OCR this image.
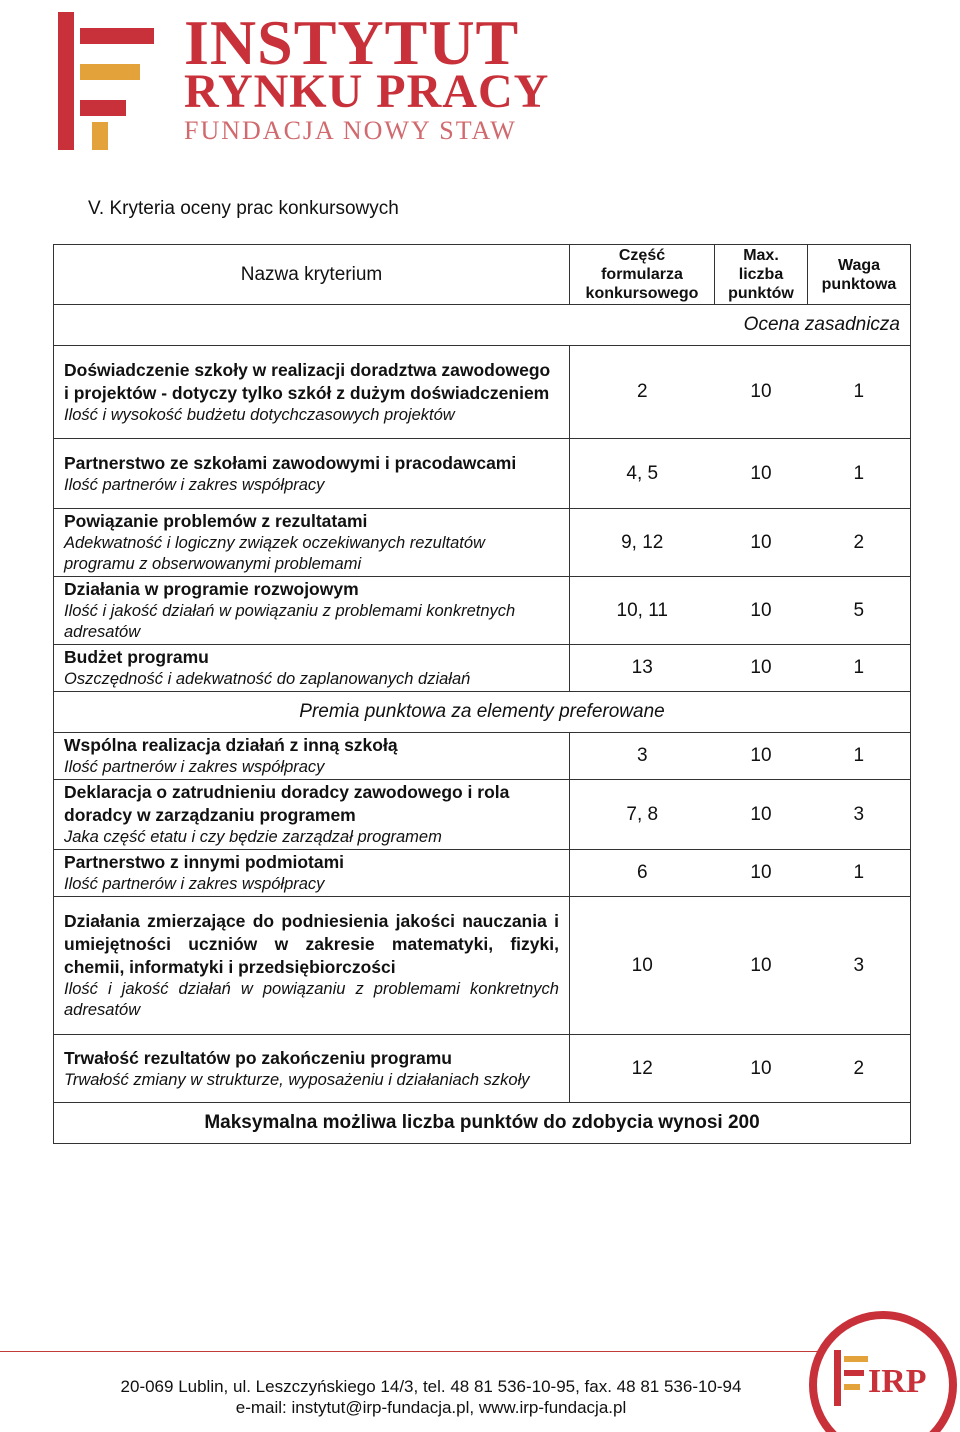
INSTYTUT
RYNKU PRACY
FUNDACJA NOWY STAW
V. Kryteria oceny prac konkursowych
Nazwa kryterium	Część formularza konkursowego	Max. liczba punktów	Waga punktowa
Ocena zasadnicza			

Doświadczenie szkoły w realizacji doradztwa zawodowego i projektów - dotyczy tylko szkół z dużym doświadczeniem
Ilość i wysokość budżetu dotychczasowych projektów	2	10	1

Partnerstwo ze szkołami zawodowymi i pracodawcami
Ilość partnerów i zakres współpracy	4, 5	10	1

Powiązanie problemów z rezultatami
Adekwatność i logiczny związek oczekiwanych rezultatów programu z obserwowanymi problemami	9, 12	10	2

Działania w programie rozwojowym
Ilość i jakość działań w powiązaniu z problemami konkretnych adresatów	10, 11	10	5

Budżet programu
Oszczędność i adekwatność do zaplanowanych działań	13	10	1
Premia punktowa za elementy preferowane			

Wspólna realizacja działań z inną szkołą
Ilość partnerów i zakres współpracy	3	10	1

Deklaracja o zatrudnieniu doradcy zawodowego i rola doradcy w zarządzaniu programem
Jaka część etatu i czy będzie zarządzał programem	7, 8	10	3

Partnerstwo z innymi podmiotami
Ilość partnerów i zakres współpracy	6	10	1

Działania zmierzające do podniesienia jakości nauczania i umiejętności uczniów w zakresie matematyki, fizyki, chemii, informatyki i przedsiębiorczości
Ilość i jakość działań w powiązaniu z problemami konkretnych adresatów	10	10	3

Trwałość rezultatów po zakończeniu programu
Trwałość zmiany w strukturze, wyposażeniu i działaniach szkoły	12	10	2
Maksymalna możliwa liczba punktów do zdobycia wynosi 200			
20-069 Lublin, ul. Leszczyńskiego 14/3, tel. 48 81 536-10-95, fax. 48 81 536-10-94
e-mail: instytut@irp-fundacja.pl, www.irp-fundacja.pl
IRP
